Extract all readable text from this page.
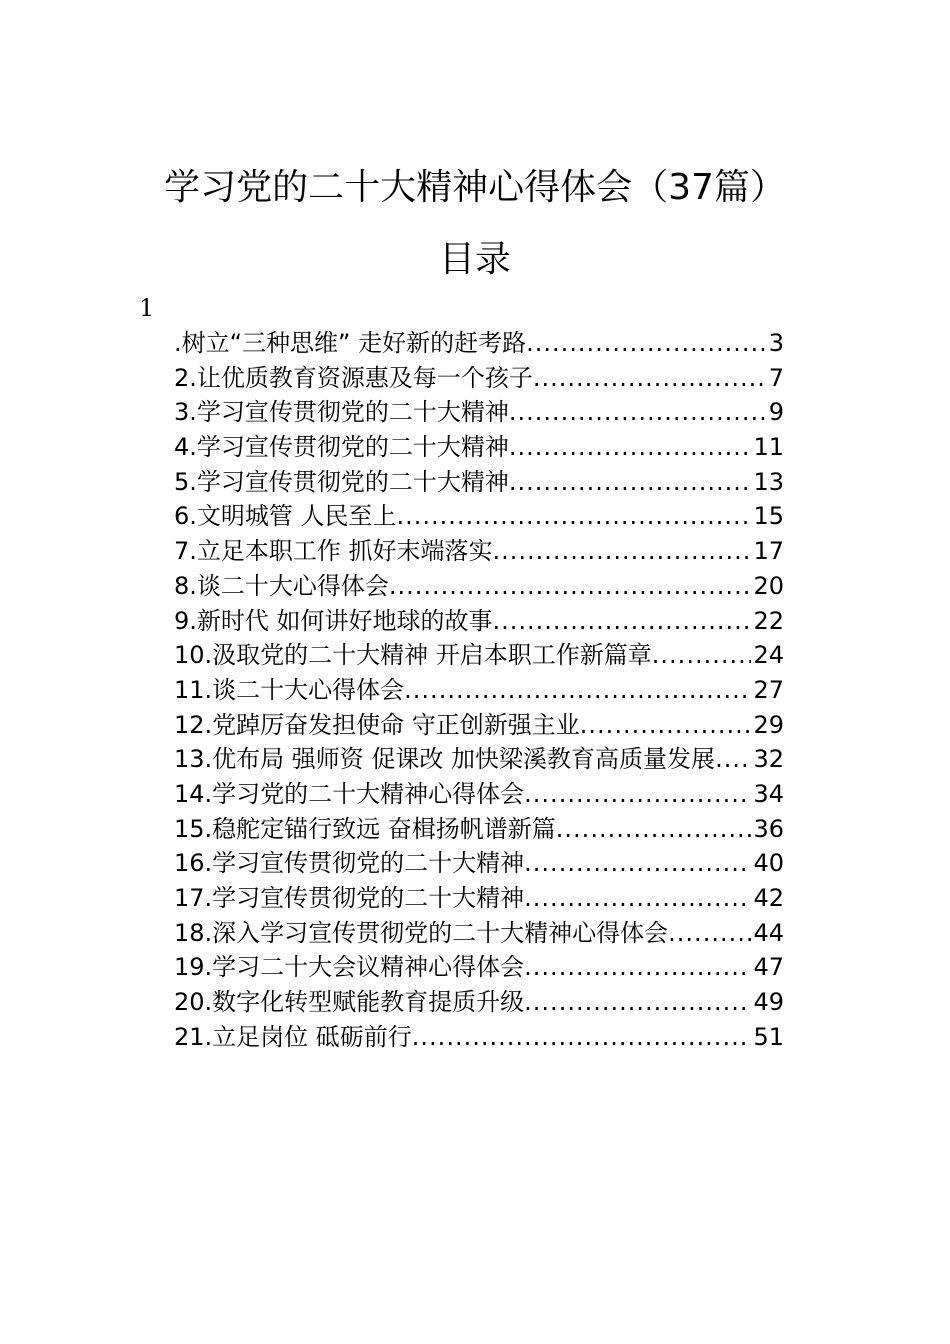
学习党的二十大精神心得体会（37篇）
目录
1
.树立“三种思维” 走好新的赶考路 .....	3
2.让优质教育资源惠及每一个孩子 .....	7
3.学习宣传贯彻党的二十大精神 .....	9
4.学习宣传贯彻党的二十大精神 .....	11
5.学习宣传贯彻党的二十大精神 .....	13
6.文明城管 人民至上 .....	15
7.立足本职工作 抓好末端落实 .....	17
8.谈二十大心得体会 .....	20
9.新时代 如何讲好地球的故事 .....	22
10.汲取党的二十大精神 开启本职工作新篇章 .....	24
11.谈二十大心得体会 .....	27
12.党踔厉奋发担使命 守正创新强主业 .....	29
13.优布局 强师资 促课改 加快梁溪教育高质量发展 ..... 32
14.学习党的二十大精神心得体会 .....	34
15.稳舵定锚行致远 奋楫扬帆谱新篇 .....	36
16.学习宣传贯彻党的二十大精神 .....	40
17.学习宣传贯彻党的二十大精神 .....	42
18.深入学习宣传贯彻党的二十大精神心得体会 .....	44
19.学习二十大会议精神心得体会 .....	47
20.数字化转型赋能教育提质升级 .....	49
21.立足岗位 砥砺前行 .....	51
